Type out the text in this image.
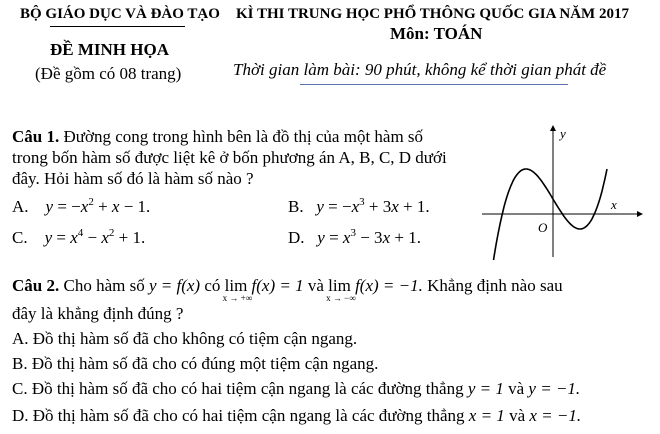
BỘ GIÁO DỤC VÀ ĐÀO TẠO
ĐỀ MINH HỌA
(Đề gồm có 08 trang)
KÌ THI TRUNG HỌC PHỔ THÔNG QUỐC GIA NĂM 2017
Môn: TOÁN
Thời gian làm bài: 90 phút, không kể thời gian phát đề
Câu 1. Đường cong trong hình bên là đồ thị của một hàm số
trong bốn hàm số được liệt kê ở bốn phương án A, B, C, D dưới
đây. Hỏi hàm số đó là hàm số nào ?
A. $y = -x^2 + x - 1$.	B. $y = -x^3 + 3x + 1$.
C. $y = x^4 - x^2 + 1$.	D. $y = x^3 - 3x + 1$.
y
x
O
Câu 2. Cho hàm số y = f(x) có lim
x → +∞
f(x) = 1 và lim
x → −∞
f(x) = −1. Khẳng định nào sau
đây là khẳng định đúng ?
A. Đồ thị hàm số đã cho không có tiệm cận ngang.
B. Đồ thị hàm số đã cho có đúng một tiệm cận ngang.
C. Đồ thị hàm số đã cho có hai tiệm cận ngang là các đường thẳng y = 1 và y = −1.
D. Đồ thị hàm số đã cho có hai tiệm cận ngang là các đường thẳng x = 1 và x = −1.
